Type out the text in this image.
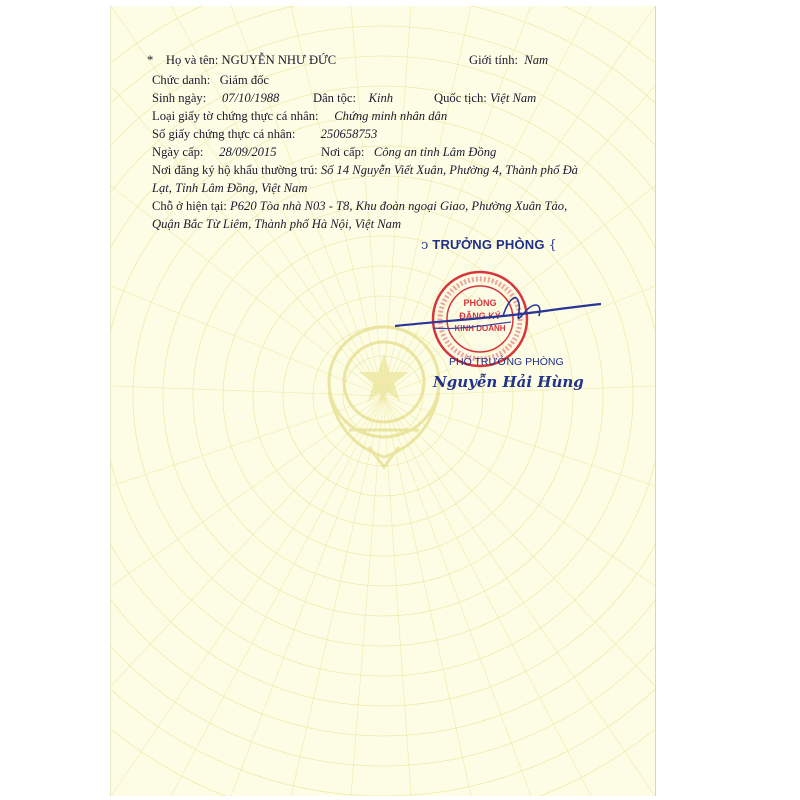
* Họ và tên: NGUYỄN NHƯ ĐỨC	Giới tính: Nam
Chức danh: Giám đốc
Sinh ngày: 07/10/1988	Dân tộc: Kinh	Quốc tịch: Việt Nam
Loại giấy tờ chứng thực cá nhân: Chứng minh nhân dân
Số giấy chứng thực cá nhân: 250658753
Ngày cấp: 28/09/2015	Nơi cấp: Công an tỉnh Lâm Đồng
Nơi đăng ký hộ khẩu thường trú: Số 14 Nguyễn Viết Xuân, Phường 4, Thành phố Đà
Lạt, Tỉnh Lâm Đồng, Việt Nam
Chỗ ở hiện tại: P620 Tòa nhà N03 - T8, Khu đoàn ngoại Giao, Phường Xuân Tảo,
Quận Bắc Từ Liêm, Thành phố Hà Nội, Việt Nam
ↄ TRƯỞNG PHÒNG {
PHÒNG
ĐĂNG KÝ
KINH DOANH
PHÓ TRƯỞNG PHÒNG
Nguyễn Hải Hùng
